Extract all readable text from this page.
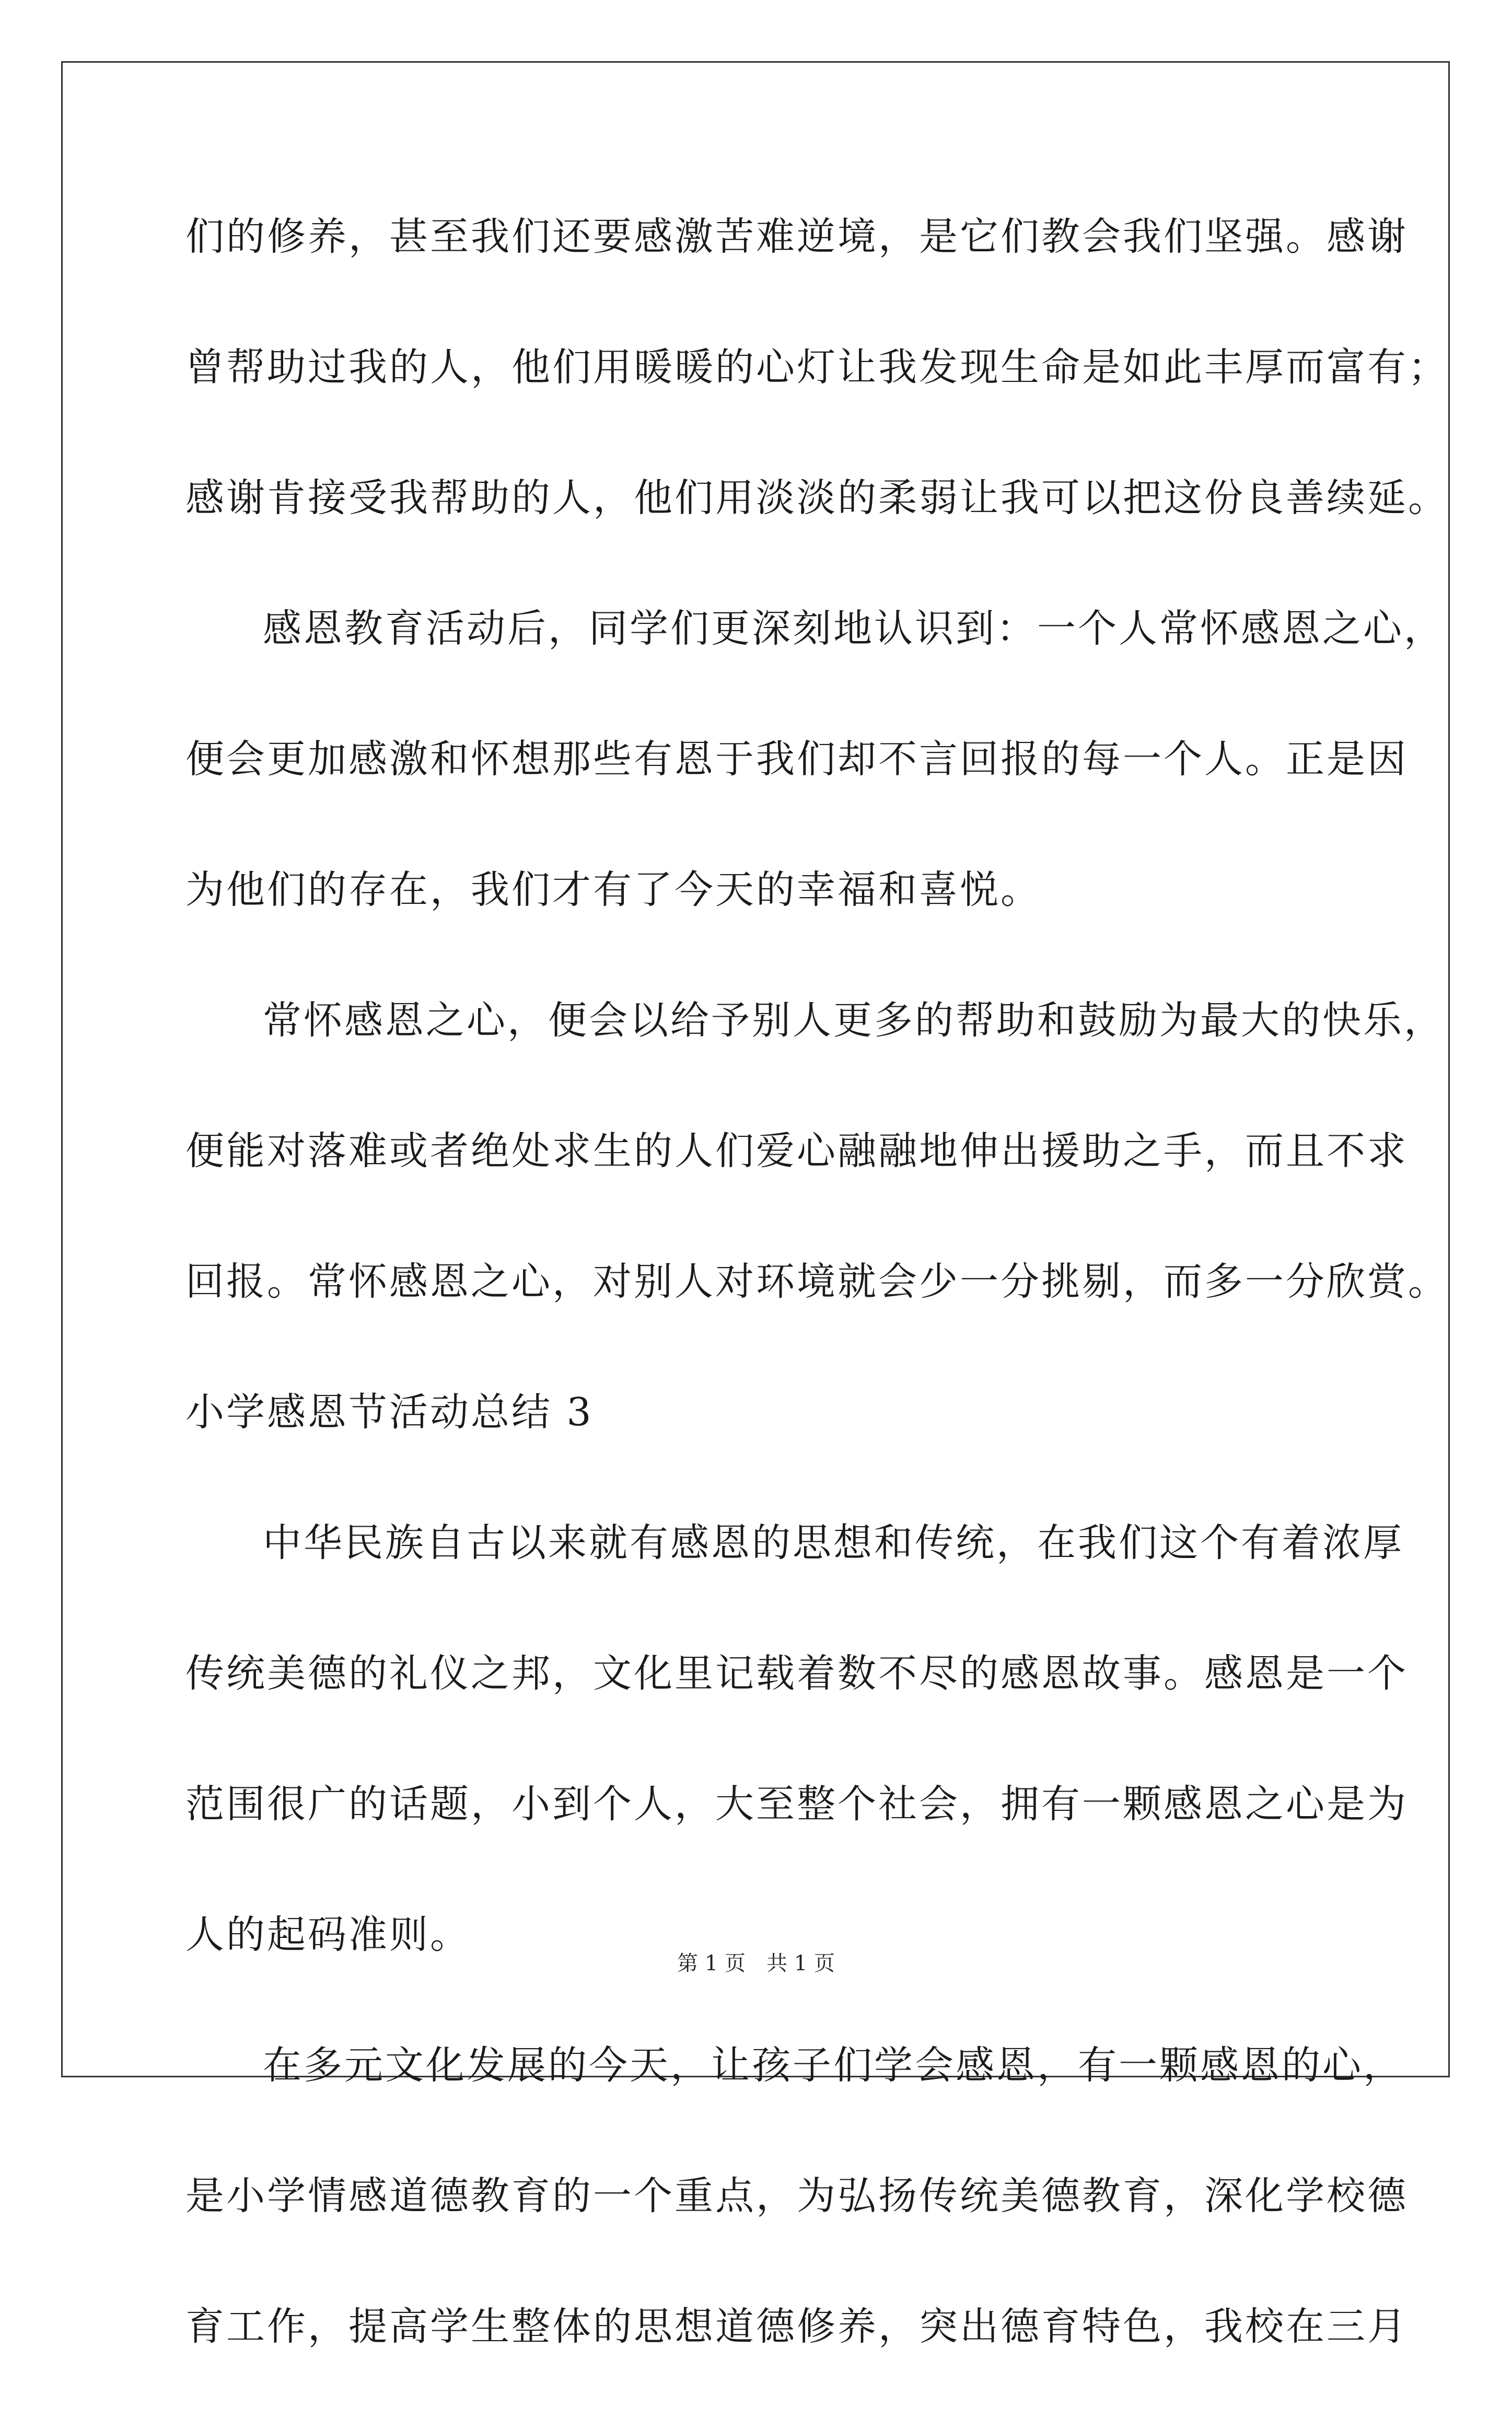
们的修养，甚至我们还要感激苦难逆境，是它们教会我们坚强。感谢
曾帮助过我的人，他们用暖暖的心灯让我发现生命是如此丰厚而富有；
感谢肯接受我帮助的人，他们用淡淡的柔弱让我可以把这份良善续延。
感恩教育活动后，同学们更深刻地认识到：一个人常怀感恩之心，
便会更加感激和怀想那些有恩于我们却不言回报的每一个人。正是因
为他们的存在，我们才有了今天的幸福和喜悦。
常怀感恩之心，便会以给予别人更多的帮助和鼓励为最大的快乐，
便能对落难或者绝处求生的人们爱心融融地伸出援助之手，而且不求
回报。常怀感恩之心，对别人对环境就会少一分挑剔，而多一分欣赏。
小学感恩节活动总结 3
中华民族自古以来就有感恩的思想和传统，在我们这个有着浓厚
传统美德的礼仪之邦，文化里记载着数不尽的感恩故事。感恩是一个
范围很广的话题，小到个人，大至整个社会，拥有一颗感恩之心是为
人的起码准则。
在多元文化发展的今天，让孩子们学会感恩，有一颗感恩的心，
是小学情感道德教育的一个重点，为弘扬传统美德教育，深化学校德
育工作，提高学生整体的思想道德修养，突出德育特色，我校在三月
第 1 页 共 1 页
